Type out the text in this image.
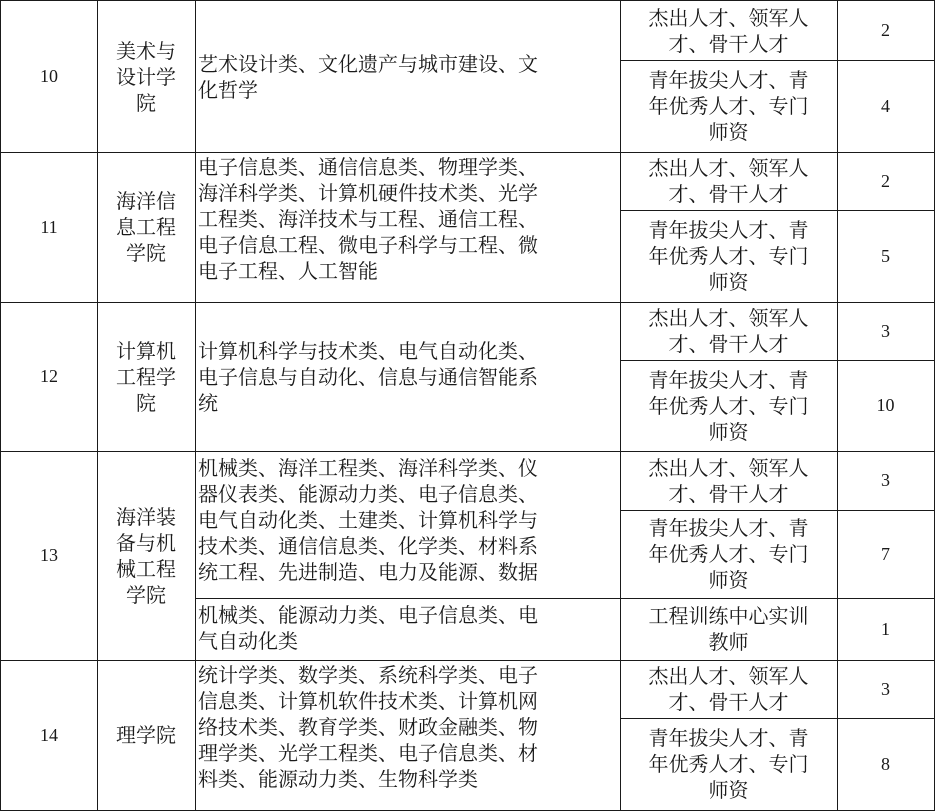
10
美术与
设计学
院
艺术设计类、文化遗产与城市建设、文
化哲学
杰出人才、领军人
才、骨干人才
2
青年拔尖人才、青
年优秀人才、专门
师资
4
11
海洋信
息工程
学院
电子信息类、通信信息类、物理学类、
海洋科学类、计算机硬件技术类、光学
工程类、海洋技术与工程、通信工程、
电子信息工程、微电子科学与工程、微
电子工程、人工智能
杰出人才、领军人
才、骨干人才
2
青年拔尖人才、青
年优秀人才、专门
师资
5
12
计算机
工程学
院
计算机科学与技术类、电气自动化类、
电子信息与自动化、信息与通信智能系
统
杰出人才、领军人
才、骨干人才
3
青年拔尖人才、青
年优秀人才、专门
师资
10
13
海洋装
备与机
械工程
学院
机械类、海洋工程类、海洋科学类、仪
器仪表类、能源动力类、电子信息类、
电气自动化类、土建类、计算机科学与
技术类、通信信息类、化学类、材料系
统工程、先进制造、电力及能源、数据
机械类、能源动力类、电子信息类、电
气自动化类
杰出人才、领军人
才、骨干人才
3
青年拔尖人才、青
年优秀人才、专门
师资
7
工程训练中心实训
教师
1
14	理学院
统计学类、数学类、系统科学类、电子
信息类、计算机软件技术类、计算机网
络技术类、教育学类、财政金融类、物
理学类、光学工程类、电子信息类、材
料类、能源动力类、生物科学类
杰出人才、领军人
才、骨干人才
3
青年拔尖人才、青
年优秀人才、专门
师资
8
